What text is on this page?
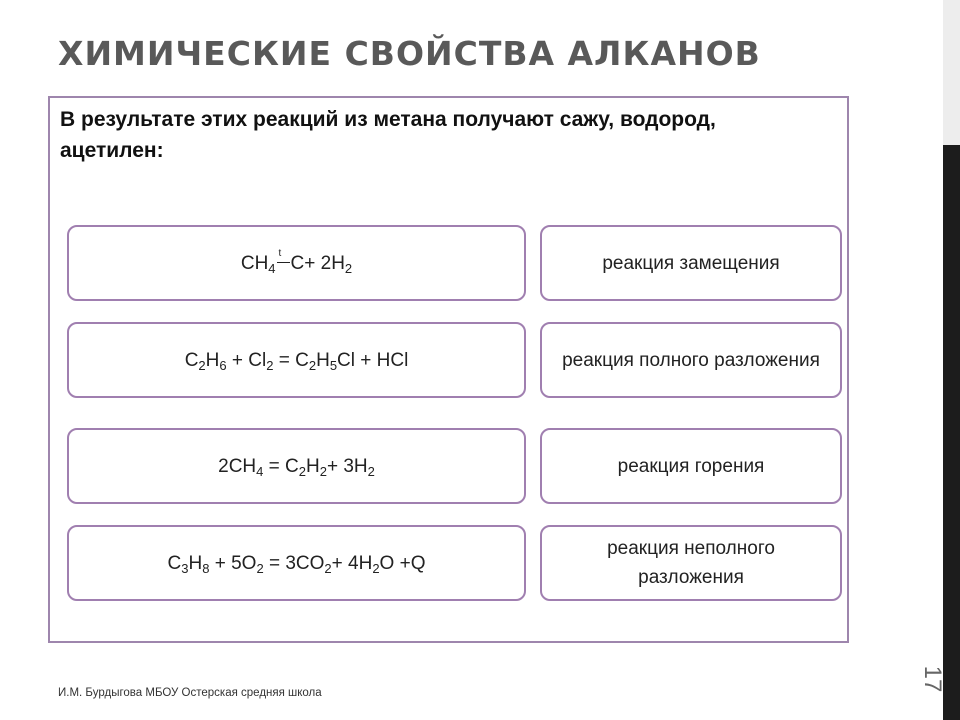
ХИМИЧЕСКИЕ СВОЙСТВА АЛКАНОВ
В результате этих реакций из метана получают сажу, водород, ацетилен:
$CH_4$
t $C+ 2H_2$
$C_2H_6 + Cl_2 = C_2H_5Cl$ + HCl
$2CH_4 = C_2H_2+ 3H_2$
$C_3H_8 + 5O_2 = 3CO_2+ 4H_2O +Q$
реакция замещения
реакция полного разложения
реакция горения
реакция неполного разложения
И.М. Бурдыгова МБОУ Остерская средняя школа
17
